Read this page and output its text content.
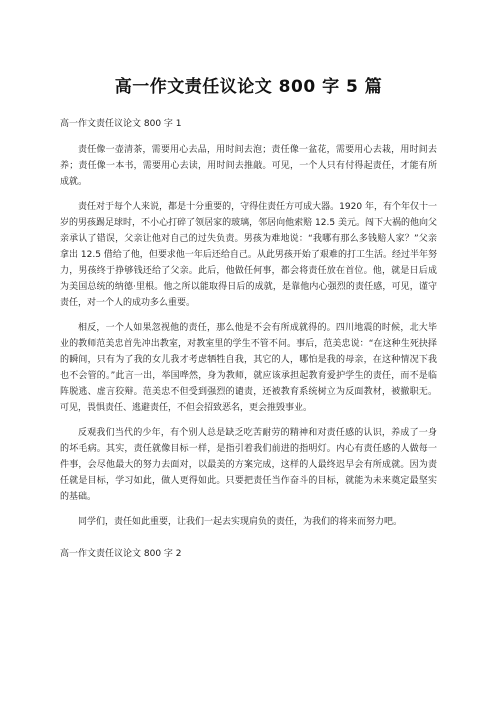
高一作文责任议论文 800 字 5 篇

高一作文责任议论文 800 字 1

责任像一壶清茶，需要用心去品，用时间去泡；责任像一盆花，需要用心去栽，用时间去养；责任像一本书，需要用心去读，用时间去推敲。可见，一个人只有付得起责任，才能有所成就。

责任对于每个人来说，都是十分重要的，守得住责任方可成大器。1920 年，有个年仅十一岁的男孩踢足球时，不小心打碎了领居家的玻璃，邻居向他索赔 12.5 美元。闯下大祸的他向父亲承认了错误，父亲让他对自己的过失负责。男孩为难地说：“我哪有那么多钱赔人家？”父亲拿出 12.5 借给了他，但要求他一年后还给自己。从此男孩开始了艰难的打工生活。经过半年努力，男孩终于挣够钱还给了父亲。此后，他做任何事，都会将责任放在首位。他，就是日后成为美国总统的纳德·里根。他之所以能取得日后的成就，是靠他内心强烈的责任感，可见，谨守责任，对一个人的成功多么重要。

相反，一个人如果忽视他的责任，那么他是不会有所成就得的。四川地震的时候，北大毕业的教师范美忠首先冲出教室，对教室里的学生不管不问。事后，范美忠说：“在这种生死抉择的瞬间，只有为了我的女儿我才考虑牺牲自我，其它的人，哪怕是我的母亲，在这种情况下我也不会管的。”此言一出，举国哗然，身为教师，就应该承担起教育爱护学生的责任，而不是临阵脱逃、虚言狡辩。范美忠不但受到强烈的谴责，还被教育系统树立为反面教材，被撤职无。可见，畏惧责任、逃避责任，不但会招致恶名，更会推毁事业。

反观我们当代的少年，有个别人总是缺乏吃苦耐劳的精神和对责任感的认识，养成了一身的坏毛病。其实，责任就像目标一样，是指引着我们前进的指明灯。内心有责任感的人做每一件事，会尽他最大的努力去面对，以最美的方案完成，这样的人最终迟早会有所成就。因为责任就是目标，学习如此，做人更得如此。只要把责任当作奋斗的目标，就能为未来奠定最坚实的基础。

同学们，责任如此重要，让我们一起去实现肩负的责任，为我们的将来而努力吧。

高一作文责任议论文 800 字 2
